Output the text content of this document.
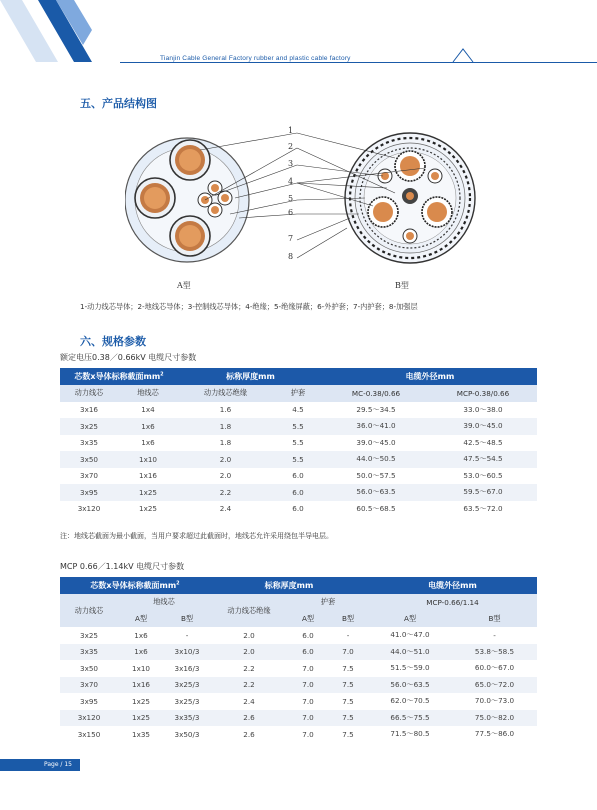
Tianjin Cable General Factory rubber and plastic cable factory
五、产品结构图
1
2
3
4
5
6
7
8
A型	B型
1-动力线芯导体；2-地线芯导体；3-控制线芯导体；4-绝缘；5-绝缘屏蔽；6-外护套；7-内护套；8-加强层
六、规格参数
额定电压0.38／0.66kV 电缆尺寸参数
芯数x导体标称截面$mm^2$		标称厚度mm		电缆外径mm	
动力线芯	地线芯	动力线芯绝缘	护套	MC-0.38/0.66	MCP-0.38/0.66
3x16	1x4	1.6	4.5	29.5～34.5	33.0～38.0
3x25	1x6	1.8	5.5	36.0～41.0	39.0～45.0
3x35	1x6	1.8	5.5	39.0～45.0	42.5～48.5
3x50	1x10	2.0	5.5	44.0～50.5	47.5～54.5
3x70	1x16	2.0	6.0	50.0～57.5	53.0～60.5
3x95	1x25	2.2	6.0	56.0～63.5	59.5～67.0
3x120	1x25	2.4	6.0	60.5～68.5	63.5～72.0
注：地线芯截面为最小截面，当用户要求超过此截面时，地线芯允许采用绕包半导电层。
MCP 0.66／1.14kV 电缆尺寸参数
芯数x导体标称截面$mm^2$			标称厚度mm			电缆外径mm	
动力线芯	地线芯		动力线芯绝缘	护套		MCP-0.66/1.14	
	A型	B型		A型	B型	A型	B型
3x25	1x6	-	2.0	6.0	-	41.0～47.0	-
3x35	1x6	3x10/3	2.0	6.0	7.0	44.0～51.0	53.8～58.5
3x50	1x10	3x16/3	2.2	7.0	7.5	51.5～59.0	60.0～67.0
3x70	1x16	3x25/3	2.2	7.0	7.5	56.0～63.5	65.0～72.0
3x95	1x25	3x25/3	2.4	7.0	7.5	62.0～70.5	70.0～73.0
3x120	1x25	3x35/3	2.6	7.0	7.5	66.5～75.5	75.0～82.0
3x150	1x35	3x50/3	2.6	7.0	7.5	71.5～80.5	77.5～86.0
Page / 15
